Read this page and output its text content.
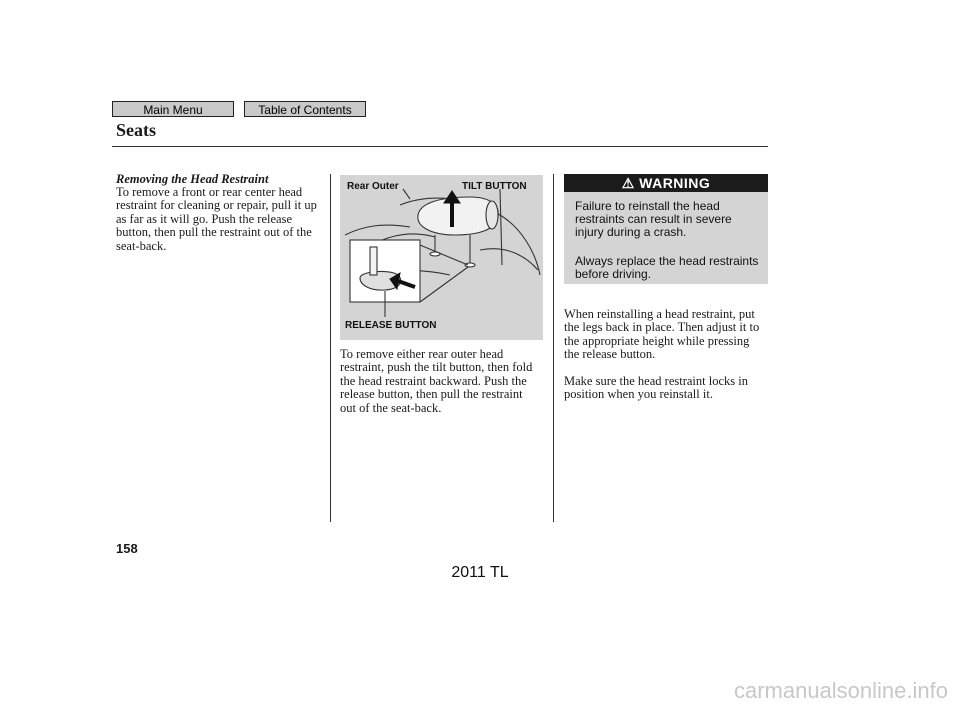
Main Menu	Table of Contents
Seats
Removing the Head Restraint
To remove a front or rear center head restraint for cleaning or repair, pull it up as far as it will go. Push the release button, then pull the restraint out of the seat-back.
Rear Outer	TILT BUTTON
RELEASE BUTTON
To remove either rear outer head restraint, push the tilt button, then fold the head restraint backward. Push the release button, then pull the restraint out of the seat-back.
⚠ WARNING
Failure to reinstall the head restraints can result in severe injury during a crash.
Always replace the head restraints before driving.
When reinstalling a head restraint, put the legs back in place. Then adjust it to the appropriate height while pressing the release button.
Make sure the head restraint locks in position when you reinstall it.
158
2011 TL
carmanualsonline.info
